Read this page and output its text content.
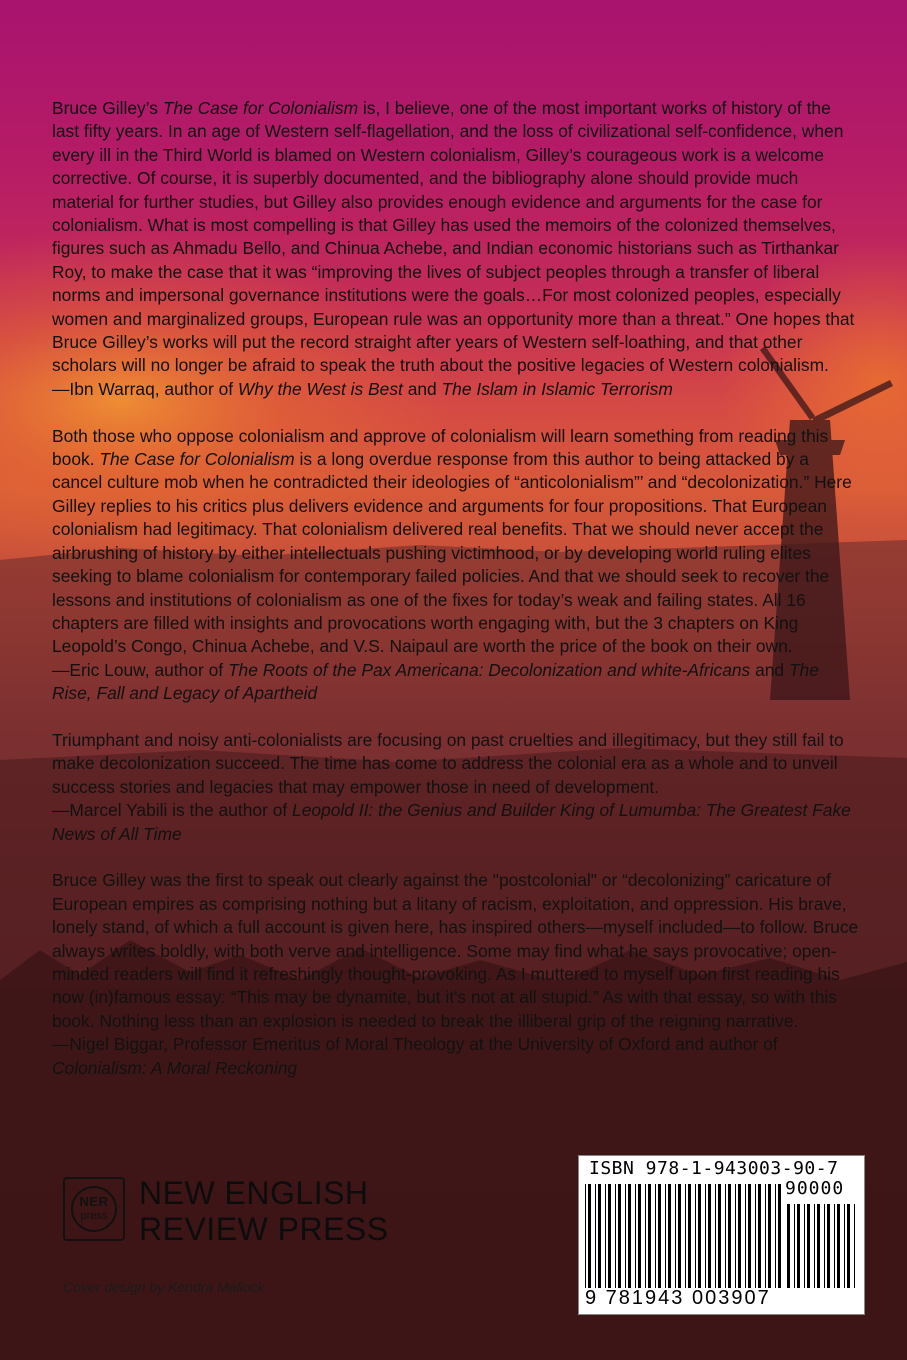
Bruce Gilley’s The Case for Colonialism is, I believe, one of the most important works of history of the last fifty years. In an age of Western self-flagellation, and the loss of civilizational self-confidence, when every ill in the Third World is blamed on Western colonialism, Gilley’s courageous work is a welcome corrective. Of course, it is superbly documented, and the bibliography alone should provide much material for further studies, but Gilley also provides enough evidence and arguments for the case for colonialism. What is most compelling is that Gilley has used the memoirs of the colonized themselves, figures such as Ahmadu Bello, and Chinua Achebe, and Indian economic historians such as Tirthankar Roy, to make the case that it was “improving the lives of subject peoples through a transfer of liberal norms and impersonal governance institutions were the goals…For most colonized peoples, especially women and marginalized groups, European rule was an opportunity more than a threat.” One hopes that Bruce Gilley’s works will put the record straight after years of Western self-loathing, and that other scholars will no longer be afraid to speak the truth about the positive legacies of Western colonialism.

—Ibn Warraq, author of Why the West is Best and The Islam in Islamic Terrorism

Both those who oppose colonialism and approve of colonialism will learn something from reading this book. The Case for Colonialism is a long overdue response from this author to being attacked by a cancel culture mob when he contradicted their ideologies of “anticolonialism”’ and “decolonization.” Here Gilley replies to his critics plus delivers evidence and arguments for four propositions. That European colonialism had legitimacy. That colonialism delivered real benefits. That we should never accept the airbrushing of history by either intellectuals pushing victimhood, or by developing world ruling elites seeking to blame colonialism for contemporary failed policies. And that we should seek to recover the lessons and institutions of colonialism as one of the fixes for today’s weak and failing states. All 16 chapters are filled with insights and provocations worth engaging with, but the 3 chapters on King Leopold’s Congo, Chinua Achebe, and V.S. Naipaul are worth the price of the book on their own.

—Eric Louw, author of The Roots of the Pax Americana: Decolonization and white-Africans and The Rise, Fall and Legacy of Apartheid

Triumphant and noisy anti-colonialists are focusing on past cruelties and illegitimacy, but they still fail to make decolonization succeed. The time has come to address the colonial era as a whole and to unveil success stories and legacies that may empower those in need of development.

—Marcel Yabili is the author of Leopold II: the Genius and Builder King of Lumumba: The Greatest Fake News of All Time

Bruce Gilley was the first to speak out clearly against the "postcolonial" or “decolonizing” caricature of European empires as comprising nothing but a litany of racism, exploitation, and oppression. His brave, lonely stand, of which a full account is given here, has inspired others—myself included—to follow. Bruce always writes boldly, with both verve and intelligence. Some may find what he says provocative; open-minded readers will find it refreshingly thought-provoking. As I muttered to myself upon first reading his now (in)famous essay: “This may be dynamite, but it's not at all stupid.” As with that essay, so with this book. Nothing less than an explosion is needed to break the illiberal grip of the reigning narrative.

—Nigel Biggar, Professor Emeritus of Moral Theology at the University of Oxford and author of Colonialism: A Moral Reckoning

NER
press
NEW ENGLISH
REVIEW PRESS
Cover design by Kendra Mallock
ISBN 978-1-943003-90-7
90000
9 781943 003907
